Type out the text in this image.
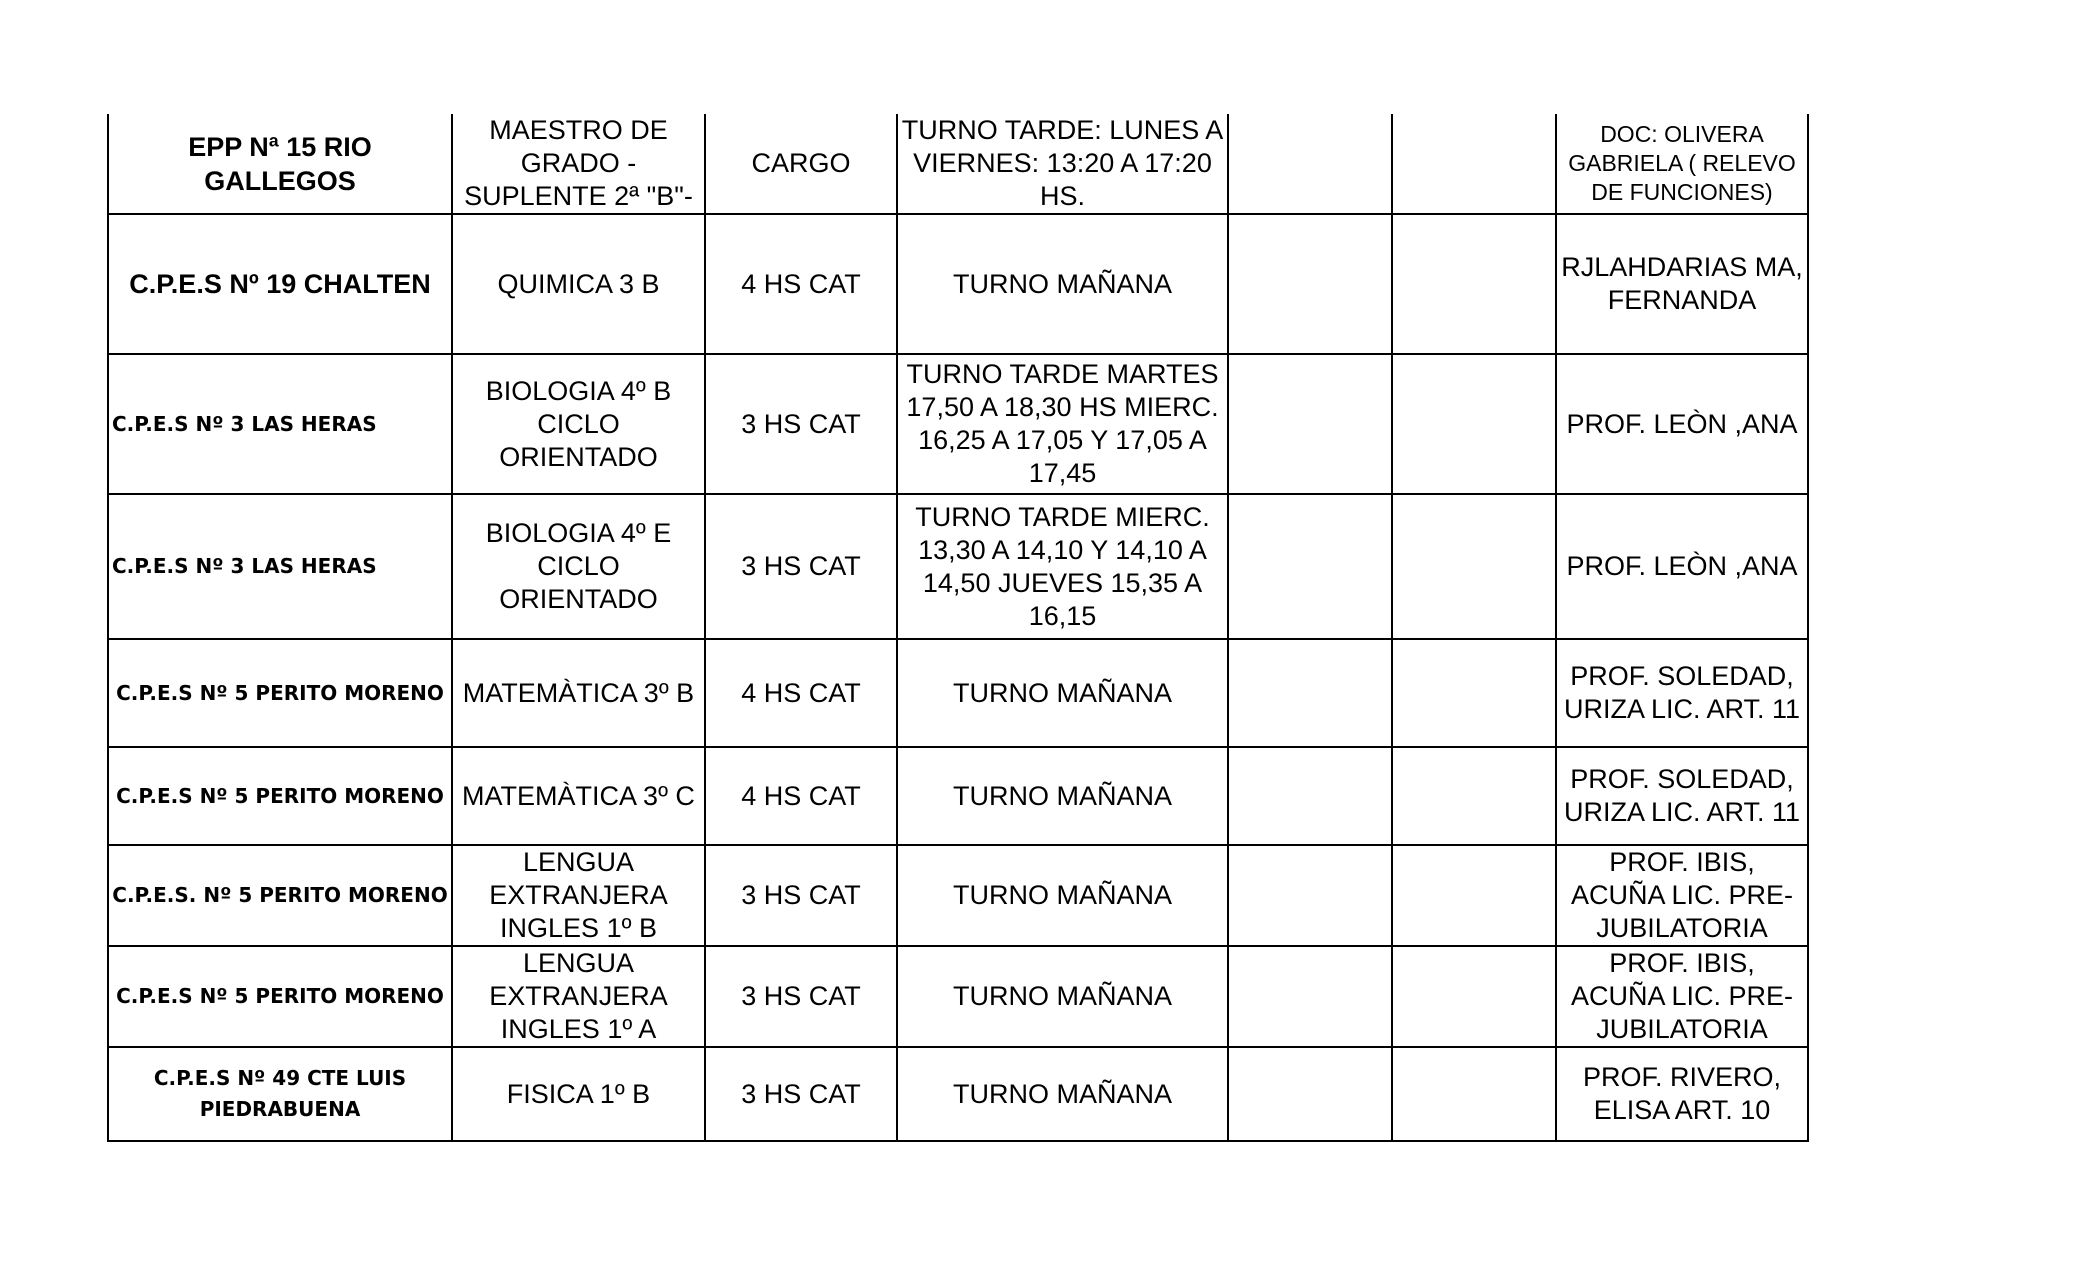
EPP Nª 15 RIO GALLEGOS	MAESTRO DE GRADO - SUPLENTE 2ª "B"-	CARGO	TURNO TARDE: LUNES A VIERNES: 13:20 A 17:20 HS.			DOC: OLIVERA GABRIELA ( RELEVO DE FUNCIONES)
C.P.E.S Nº 19 CHALTEN	QUIMICA 3 B	4 HS CAT	TURNO MAÑANA			RJLAHDARIAS MA, FERNANDA
C.P.E.S Nº 3 LAS HERAS	BIOLOGIA 4º B CICLO ORIENTADO	3 HS CAT	TURNO TARDE MARTES 17,50 A 18,30 HS MIERC. 16,25 A 17,05 Y 17,05 A 17,45			PROF. LEÒN ,ANA
C.P.E.S Nº 3 LAS HERAS	BIOLOGIA 4º E CICLO ORIENTADO	3 HS CAT	TURNO TARDE MIERC. 13,30 A 14,10 Y 14,10 A 14,50 JUEVES 15,35 A 16,15			PROF. LEÒN ,ANA
C.P.E.S Nº 5 PERITO MORENO	MATEMÀTICA 3º B	4 HS CAT	TURNO MAÑANA			PROF. SOLEDAD, URIZA LIC. ART. 11
C.P.E.S Nº 5 PERITO MORENO	MATEMÀTICA 3º C	4 HS CAT	TURNO MAÑANA			PROF. SOLEDAD, URIZA LIC. ART. 11
C.P.E.S. Nº 5 PERITO MORENO	LENGUA EXTRANJERA INGLES 1º B	3 HS CAT	TURNO MAÑANA			PROF. IBIS, ACUÑA LIC. PRE-JUBILATORIA
C.P.E.S Nº 5 PERITO MORENO	LENGUA EXTRANJERA INGLES 1º A	3 HS CAT	TURNO MAÑANA			PROF. IBIS, ACUÑA LIC. PRE-JUBILATORIA
C.P.E.S Nº 49 CTE LUIS PIEDRABUENA	FISICA 1º B	3 HS CAT	TURNO MAÑANA			PROF. RIVERO, ELISA ART. 10
